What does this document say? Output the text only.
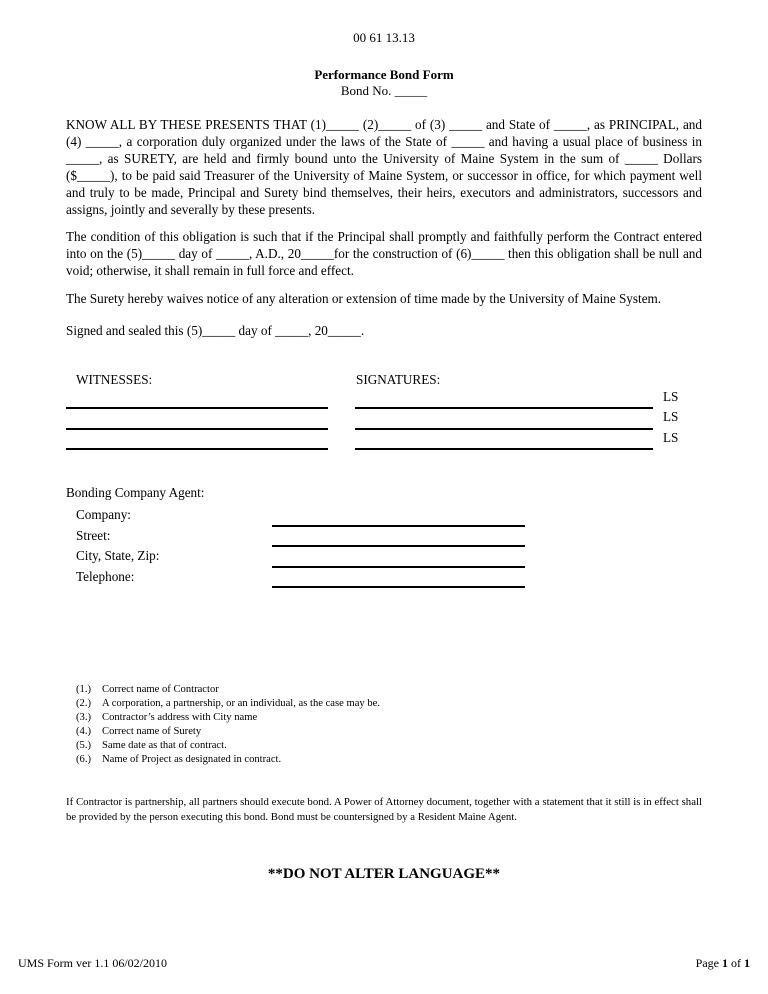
00 61 13.13
Performance Bond Form
Bond No. _____

KNOW ALL BY THESE PRESENTS THAT (1)_____ (2)_____ of (3) _____ and State of _____, as PRINCIPAL, and (4) _____, a corporation duly organized under the laws of the State of _____ and having a usual place of business in _____, as SURETY, are held and firmly bound unto the University of Maine System in the sum of _____ Dollars ($_____), to be paid said Treasurer of the University of Maine System, or successor in office, for which payment well and truly to be made, Principal and Surety bind themselves, their heirs, executors and administrators, successors and assigns, jointly and severally by these presents.

The condition of this obligation is such that if the Principal shall promptly and faithfully perform the Contract entered into on the (5)_____ day of _____, A.D., 20_____for the construction of (6)_____ then this obligation shall be null and void; otherwise, it shall remain in full force and effect.

The Surety hereby waives notice of any alteration or extension of time made by the University of Maine System.

Signed and sealed this (5)_____ day of _____, 20_____.

WITNESSES:	SIGNATURES:
LS
LS
LS
Bonding Company Agent:
Company:
Street:
City, State, Zip:
Telephone:
(1.)	Correct name of Contractor
(2.)	A corporation, a partnership, or an individual, as the case may be.
(3.)	Contractor’s address with City name
(4.)	Correct name of Surety
(5.)	Same date as that of contract.
(6.)	Name of Project as designated in contract.

If Contractor is partnership, all partners should execute bond. A Power of Attorney document, together with a statement that it still is in effect shall be provided by the person executing this bond. Bond must be countersigned by a Resident Maine Agent.

**DO NOT ALTER LANGUAGE**
UMS Form ver 1.1 06/02/2010	Page 1 of 1
